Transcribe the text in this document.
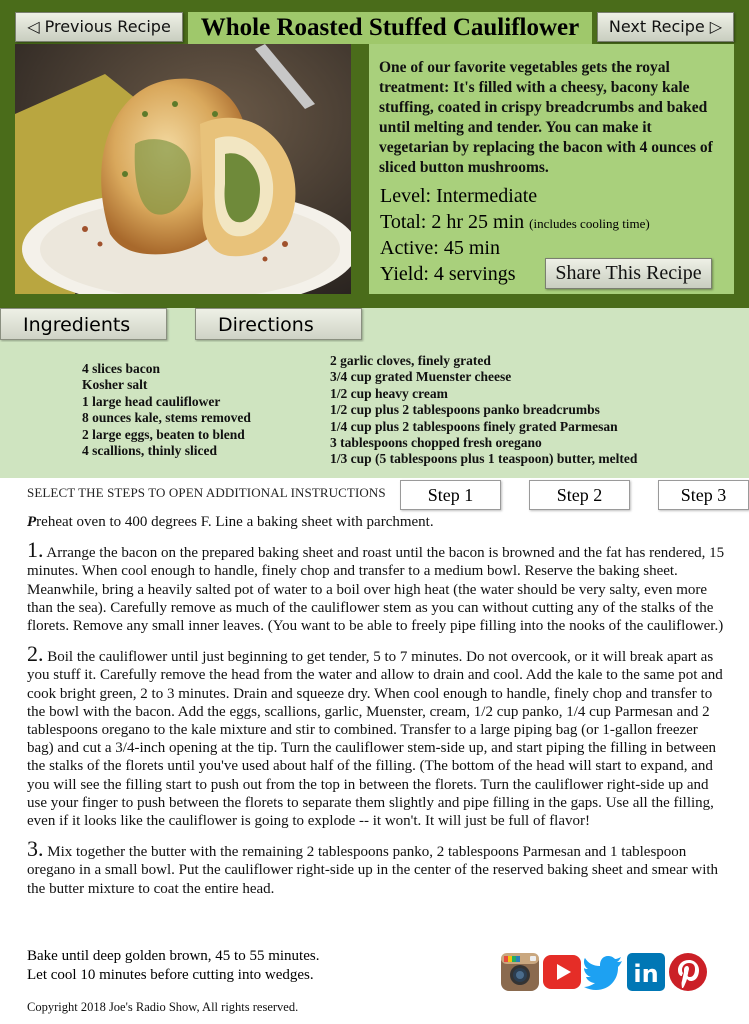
◁ Previous Recipe	Whole Roasted Stuffed Cauliflower	Next Recipe ▷
One of our favorite vegetables gets the royal treatment: It's filled with a cheesy, bacony kale stuffing, coated in crispy breadcrumbs and baked until melting and tender. You can make it vegetarian by replacing the bacon with 4 ounces of sliced button mushrooms.
Level: Intermediate
Total: 2 hr 25 min (includes cooling time)
Active: 45 min
Yield: 4 servings	Share This Recipe
Ingredients	Directions
4 slices bacon
Kosher salt
1 large head cauliflower
8 ounces kale, stems removed
2 large eggs, beaten to blend
4 scallions, thinly sliced
2 garlic cloves, finely grated
3/4 cup grated Muenster cheese
1/2 cup heavy cream
1/2 cup plus 2 tablespoons panko breadcrumbs
1/4 cup plus 2 tablespoons finely grated Parmesan
3 tablespoons chopped fresh oregano
1/3 cup (5 tablespoons plus 1 teaspoon) butter, melted
SELECT THE STEPS TO OPEN ADDITIONAL INSTRUCTIONS	Step 1	Step 2	Step 3

Preheat oven to 400 degrees F. Line a baking sheet with parchment.

1. Arrange the bacon on the prepared baking sheet and roast until the bacon is browned and the fat has rendered, 15 minutes. When cool enough to handle, finely chop and transfer to a medium bowl. Reserve the baking sheet. Meanwhile, bring a heavily salted pot of water to a boil over high heat (the water should be very salty, even more than the sea). Carefully remove as much of the cauliflower stem as you can without cutting any of the stalks of the florets. Remove any small inner leaves. (You want to be able to freely pipe filling into the nooks of the cauliflower.)

2. Boil the cauliflower until just beginning to get tender, 5 to 7 minutes. Do not overcook, or it will break apart as you stuff it. Carefully remove the head from the water and allow to drain and cool. Add the kale to the same pot and cook bright green, 2 to 3 minutes. Drain and squeeze dry. When cool enough to handle, finely chop and transfer to the bowl with the bacon. Add the eggs, scallions, garlic, Muenster, cream, 1/2 cup panko, 1/4 cup Parmesan and 2 tablespoons oregano to the kale mixture and stir to combined. Transfer to a large piping bag (or 1-gallon freezer bag) and cut a 3/4-inch opening at the tip. Turn the cauliflower stem-side up, and start piping the filling in between the stalks of the florets until you've used about half of the filling. (The bottom of the head will start to expand, and you will see the filling start to push out from the top in between the florets. Turn the cauliflower right-side up and use your finger to push between the florets to separate them slightly and pipe filling in the gaps. Use all the filling, even if it looks like the cauliflower is going to explode -- it won't. It will just be full of flavor!

3. Mix together the butter with the remaining 2 tablespoons panko, 2 tablespoons Parmesan and 1 tablespoon oregano in a small bowl. Put the cauliflower right-side up in the center of the reserved baking sheet and smear with the butter mixture to coat the entire head.

Bake until deep golden brown, 45 to 55 minutes.
Let cool 10 minutes before cutting into wedges.
Copyright 2018 Joe's Radio Show, All rights reserved.
in
